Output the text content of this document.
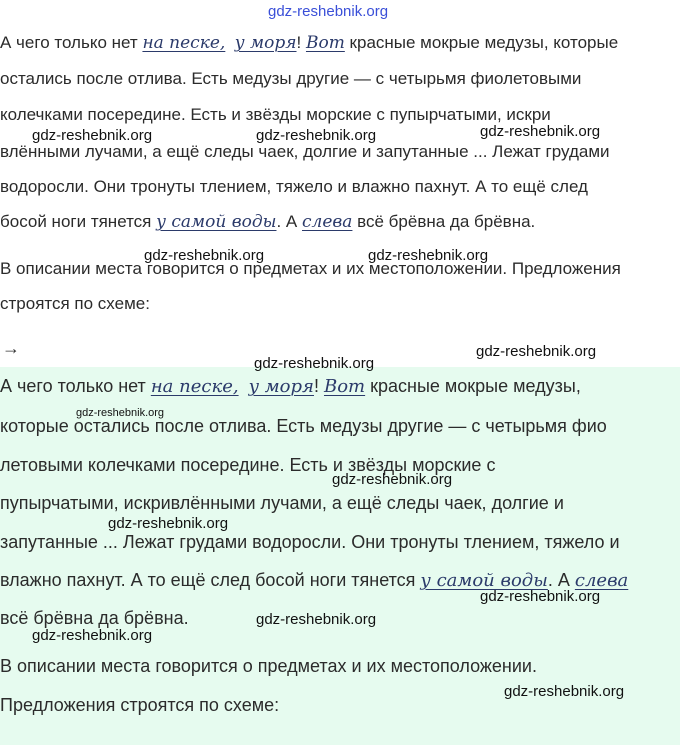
gdz-reshebnik.org
А чего только нет на песке, у моря! Вот красные мокрые медузы, которые
остались после отлива. Есть медузы другие — с четырьмя фиолетовыми
колечками посередине. Есть и звёзды морские с пупырчатыми, искри
влёнными лучами, а ещё следы чаек, долгие и запутанные ... Лежат грудами
водоросли. Они тронуты тлением, тяжело и влажно пахнут. А то ещё след
босой ноги тянется у самой воды. А слева всё брёвна да брёвна.
В описании места говорится о предметах и их местоположении. Предложения
строятся по схеме:
→
А чего только нет на песке, у моря! Вот красные мокрые медузы,
которые остались после отлива. Есть медузы другие — с четырьмя фио
летовыми колечками посередине. Есть и звёзды морские с
пупырчатыми, искривлёнными лучами, а ещё следы чаек, долгие и
запутанные ... Лежат грудами водоросли. Они тронуты тлением, тяжело и
влажно пахнут. А то ещё след босой ноги тянется у самой воды. А слева
всё брёвна да брёвна.
В описании места говорится о предметах и их местоположении.
Предложения строятся по схеме:
gdz-reshebnik.org	gdz-reshebnik.org	gdz-reshebnik.org
gdz-reshebnik.org	gdz-reshebnik.org
gdz-reshebnik.org
gdz-reshebnik.org
gdz-reshebnik.org
gdz-reshebnik.org
gdz-reshebnik.org
gdz-reshebnik.org
gdz-reshebnik.org
gdz-reshebnik.org
gdz-reshebnik.org
